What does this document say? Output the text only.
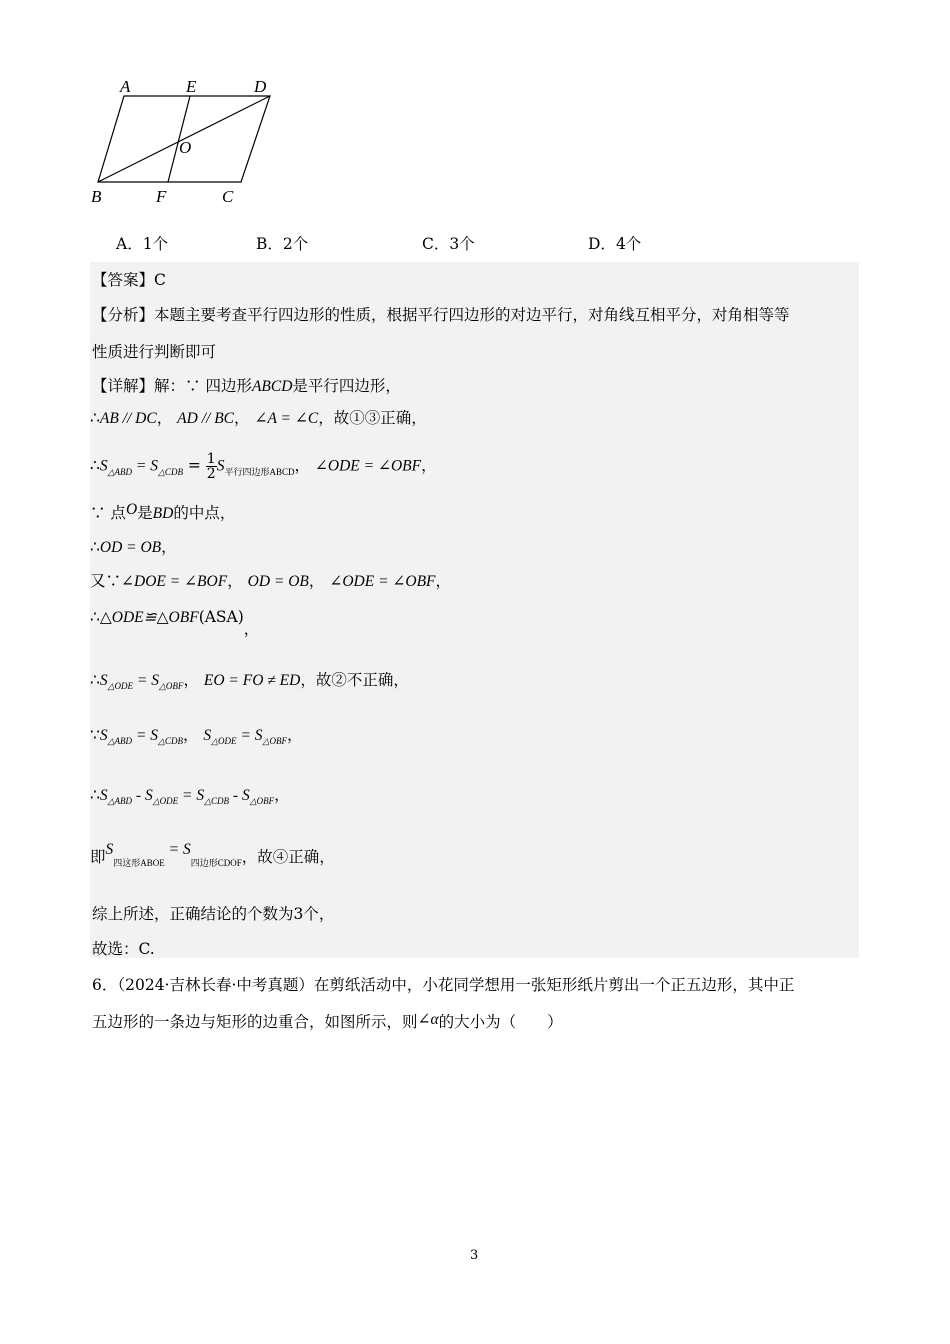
A	E	D
O
B	F	C
A．1个	B．2个	C．3个	D．4个
【答案】C
【分析】本题主要考查平行四边形的性质，根据平行四边形的对边平行，对角线互相平分，对角相等等
性质进行判断即可
【详解】解：∵ 四边形ABCD是平行四边形，
∴AB // DC， AD // BC， ∠A = ∠C，故①③正确，
$\therefore S_{\triangle ABD} = S_{\triangle CDB} = \frac{1}{2} S_{平行四边形ABCD}$， ∠ODE = ∠OBF，
∵ 点O是BD的中点，
∴OD = OB，
又∵∠DOE = ∠BOF， OD = OB， ∠ODE = ∠OBF，
∴△ODE≌△OBF(ASA)，
$\therefore S_{\triangle ODE} = S_{\triangle OBF}$， EO = FO ≠ ED，故②不正确，
$\because S_{\triangle ABD} = S_{\triangle CDB}$， $S_{\triangle ODE} = S_{\triangle OBF}$，
$\therefore S_{\triangle ABD} - S_{\triangle ODE} = S_{\triangle CDB} - S_{\triangle OBF}$，
即$S_{四这形ABOE} = S_{四边形CDOF}$，故④正确，
综上所述，正确结论的个数为3个，
故选：C.
6．（2024·吉林长春·中考真题）在剪纸活动中，小花同学想用一张矩形纸片剪出一个正五边形，其中正
五边形的一条边与矩形的边重合，如图所示，则∠α的大小为（　　）
3
